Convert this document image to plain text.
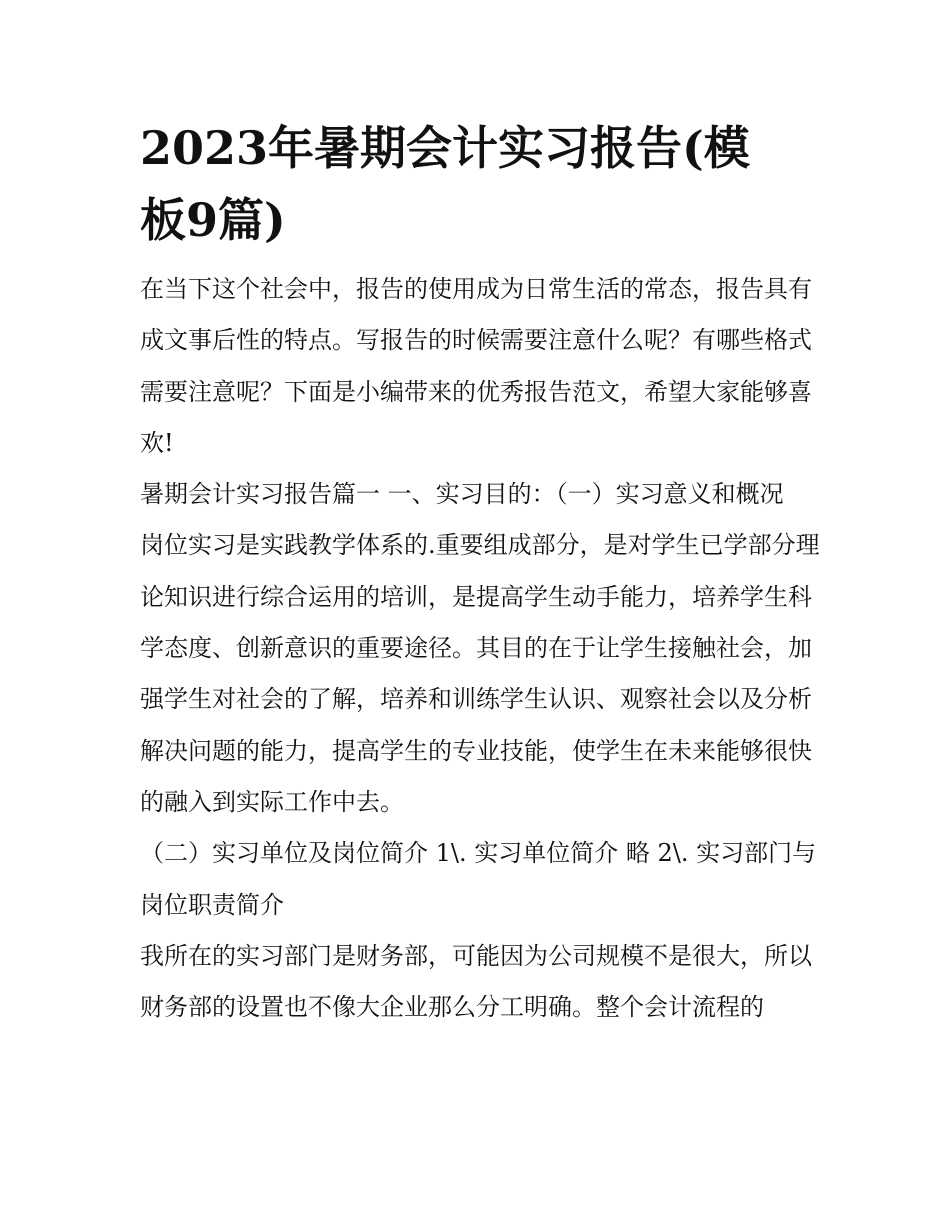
2023年暑期会计实习报告(模
板9篇)

在当下这个社会中，报告的使用成为日常生活的常态，报告具有成文事后性的特点。写报告的时候需要注意什么呢？有哪些格式需要注意呢？下面是小编带来的优秀报告范文，希望大家能够喜欢!

暑期会计实习报告篇一 一、实习目的：（一）实习意义和概况

岗位实习是实践教学体系的.重要组成部分，是对学生已学部分理论知识进行综合运用的培训，是提高学生动手能力，培养学生科学态度、创新意识的重要途径。其目的在于让学生接触社会，加强学生对社会的了解，培养和训练学生认识、观察社会以及分析解决问题的能力，提高学生的专业技能，使学生在未来能够很快的融入到实际工作中去。

（二）实习单位及岗位简介 1\. 实习单位简介 略 2\. 实习部门与岗位职责简介

我所在的实习部门是财务部，可能因为公司规模不是很大，所以财务部的设置也不像大企业那么分工明确。整个会计流程的
